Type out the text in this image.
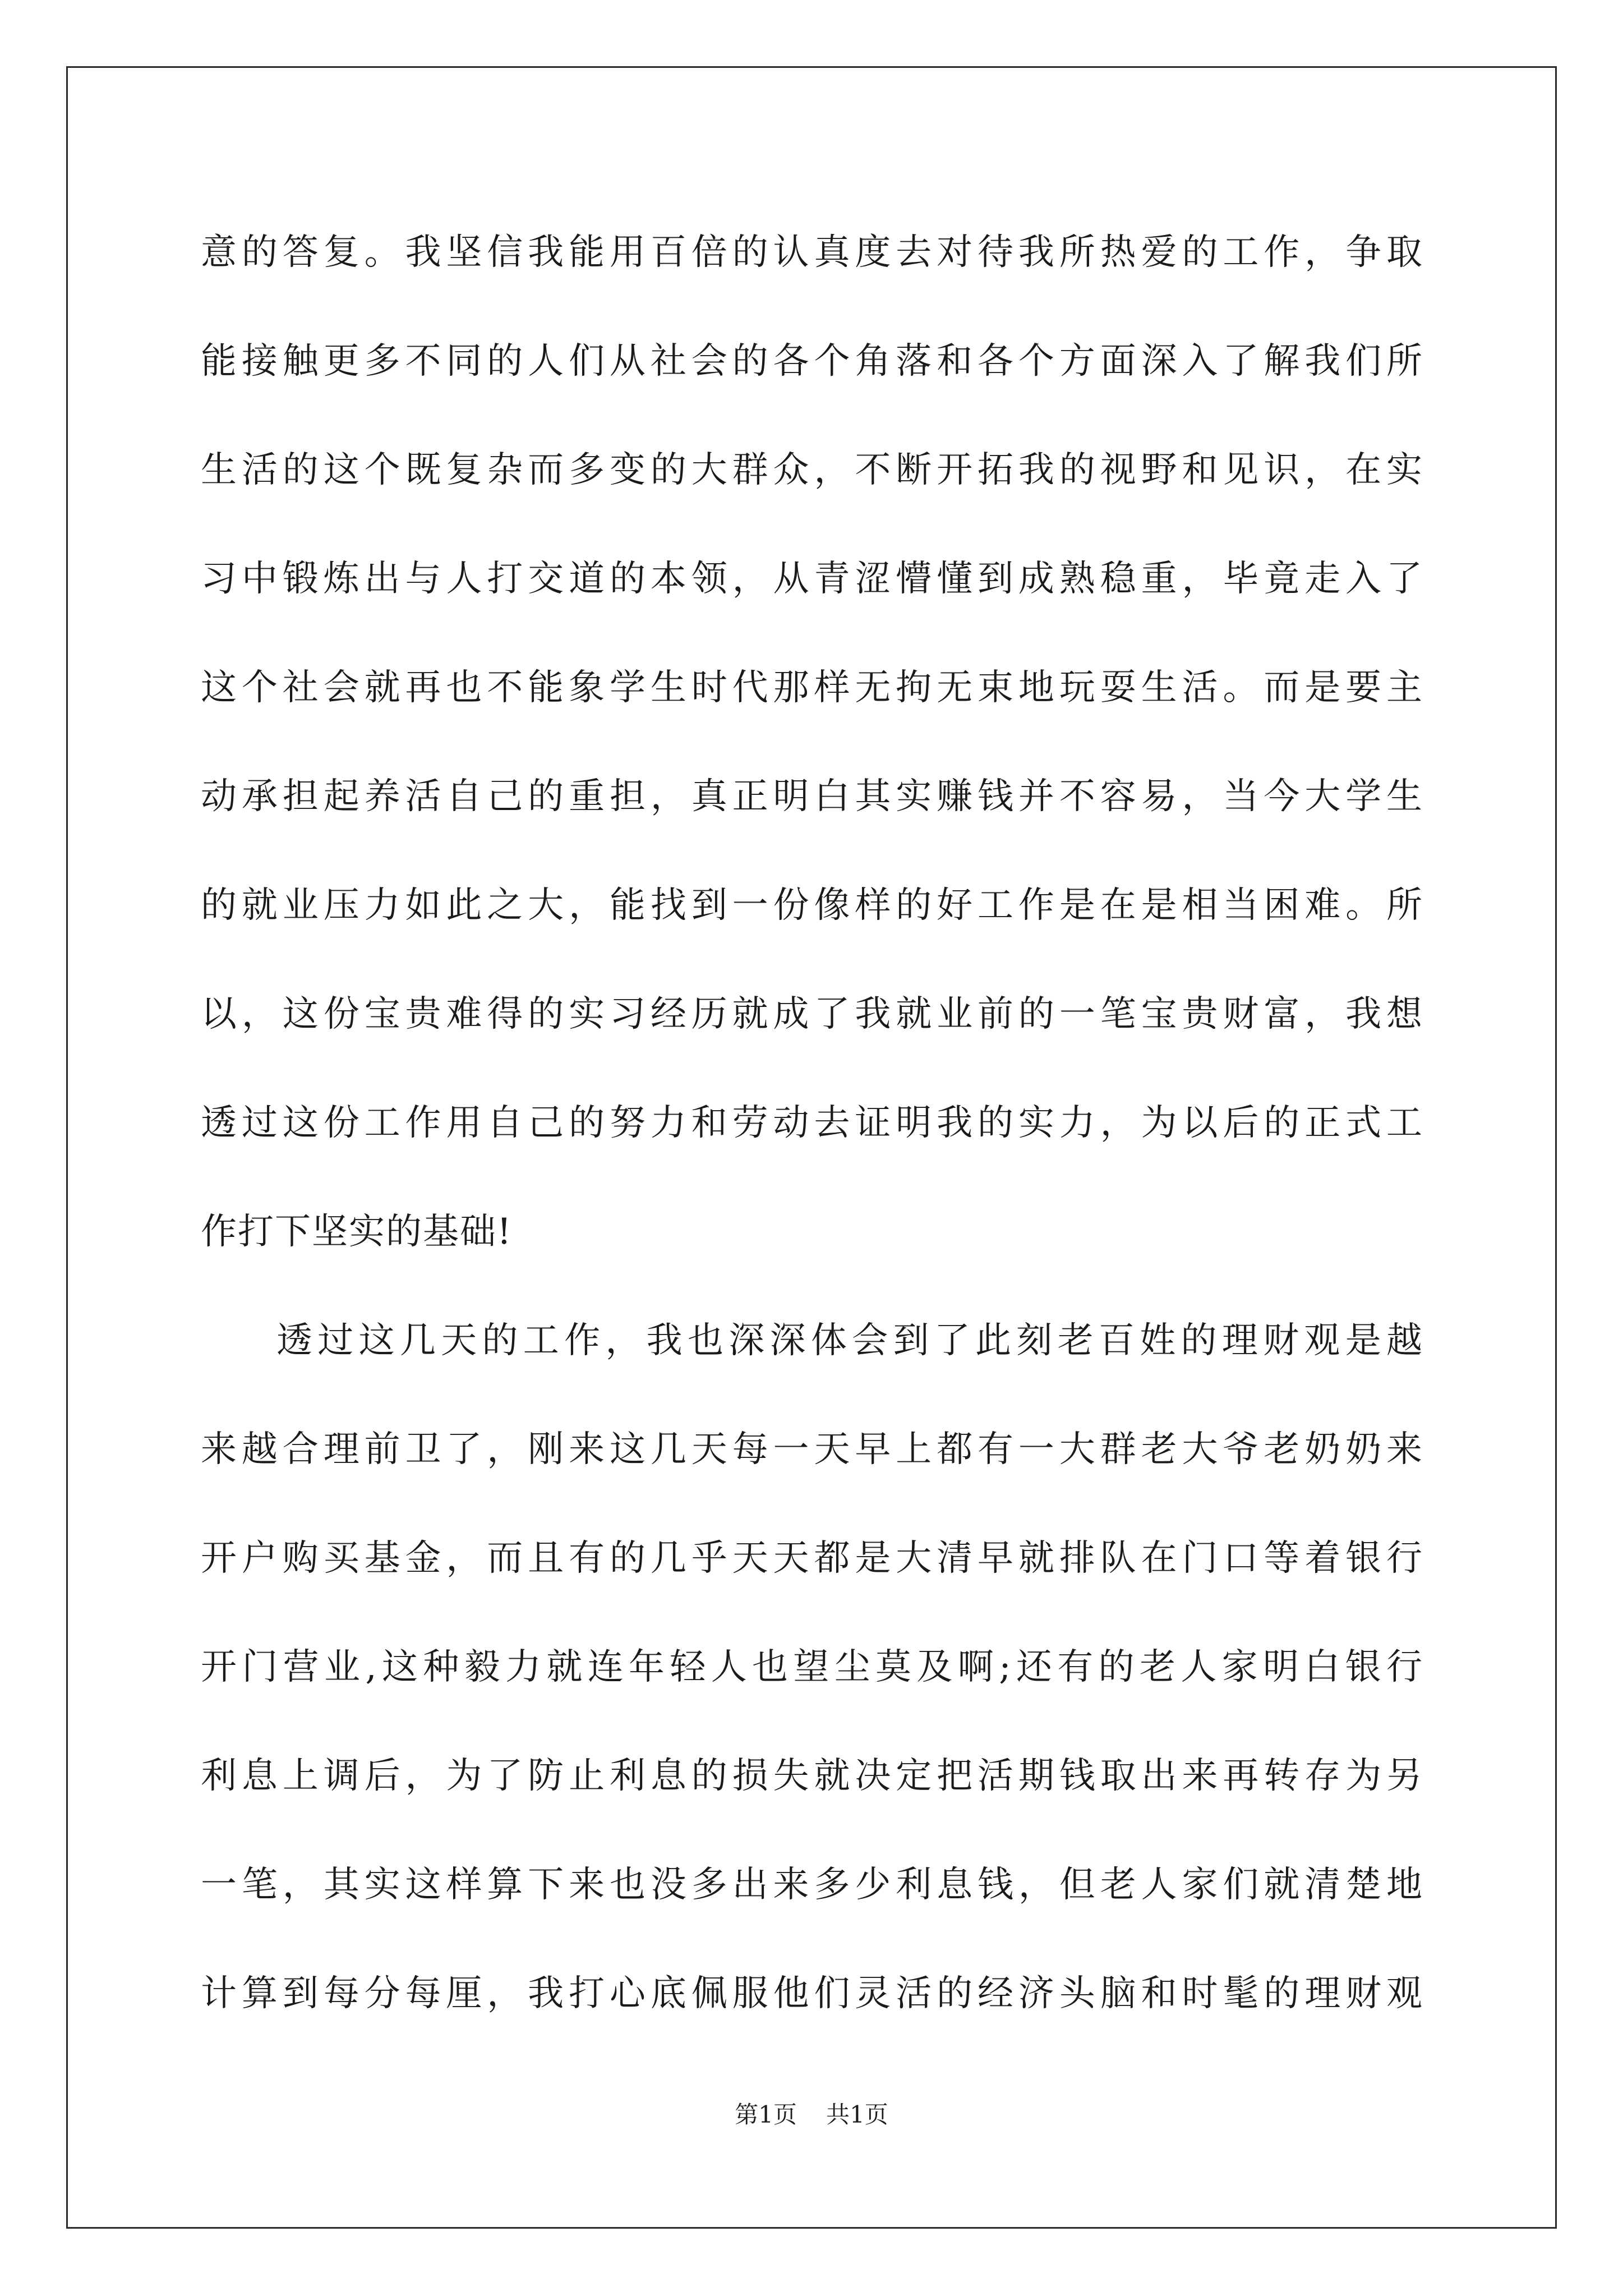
意的答复。我坚信我能用百倍的认真度去对待我所热爱的工作，争取
能接触更多不同的人们从社会的各个角落和各个方面深入了解我们所
生活的这个既复杂而多变的大群众，不断开拓我的视野和见识，在实
习中锻炼出与人打交道的本领，从青涩懵懂到成熟稳重，毕竟走入了
这个社会就再也不能象学生时代那样无拘无束地玩耍生活。而是要主
动承担起养活自己的重担，真正明白其实赚钱并不容易，当今大学生
的就业压力如此之大，能找到一份像样的好工作是在是相当困难。所
以，这份宝贵难得的实习经历就成了我就业前的一笔宝贵财富，我想
透过这份工作用自己的努力和劳动去证明我的实力，为以后的正式工
作打下坚实的基础!
透过这几天的工作，我也深深体会到了此刻老百姓的理财观是越
来越合理前卫了，刚来这几天每一天早上都有一大群老大爷老奶奶来
开户购买基金，而且有的几乎天天都是大清早就排队在门口等着银行
开门营业,这种毅力就连年轻人也望尘莫及啊;还有的老人家明白银行
利息上调后，为了防止利息的损失就决定把活期钱取出来再转存为另
一笔，其实这样算下来也没多出来多少利息钱，但老人家们就清楚地
计算到每分每厘，我打心底佩服他们灵活的经济头脑和时髦的理财观
第1页 共1页
